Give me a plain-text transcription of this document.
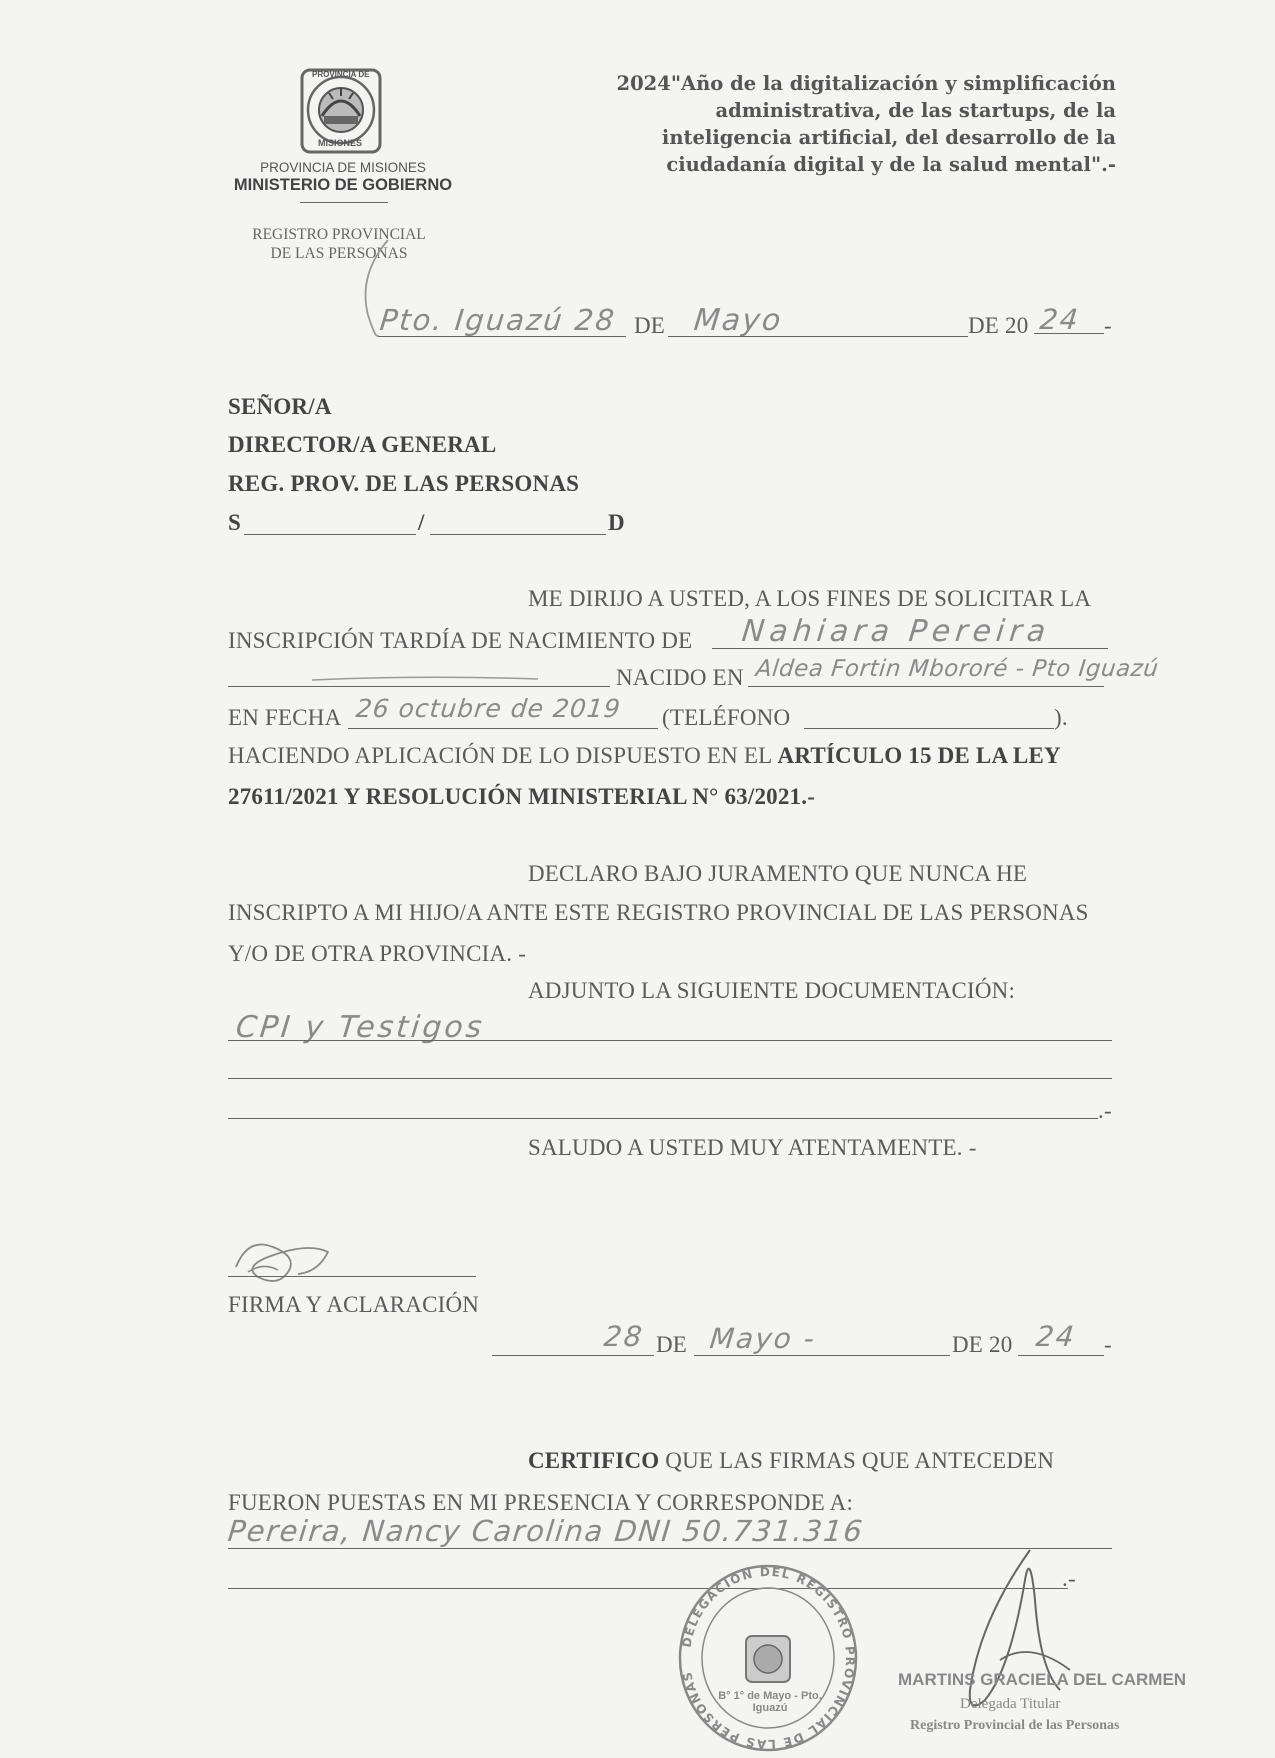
PROVINCIA DE
MISIONES
PROVINCIA DE MISIONES
MINISTERIO DE GOBIERNO
REGISTRO PROVINCIAL
DE LAS PERSONAS
2024"Año de la digitalización y simplificación
administrativa, de las startups, de la
inteligencia artificial, del desarrollo de la
ciudadanía digital y de la salud mental".-
Pto. Iguazú 28 DE Mayo	DE 20 24 -
SEÑOR/A
DIRECTOR/A GENERAL
REG. PROV. DE LAS PERSONAS
S	/	D
ME DIRIJO A USTED, A LOS FINES DE SOLICITAR LA
INSCRIPCIÓN TARDÍA DE NACIMIENTO DE Nahiara Pereira
NACIDO EN Aldea Fortin Mbororé - Pto Iguazú
EN FECHA 26 octubre de 2019 (TELÉFONO	).
HACIENDO APLICACIÓN DE LO DISPUESTO EN EL ARTÍCULO 15 DE LA LEY
27611/2021 Y RESOLUCIÓN MINISTERIAL N° 63/2021.-
DECLARO BAJO JURAMENTO QUE NUNCA HE
INSCRIPTO A MI HIJO/A ANTE ESTE REGISTRO PROVINCIAL DE LAS PERSONAS
Y/O DE OTRA PROVINCIA. -
ADJUNTO LA SIGUIENTE DOCUMENTACIÓN:
CPI y Testigos
.-
SALUDO A USTED MUY ATENTAMENTE. -
FIRMA Y ACLARACIÓN
28 DE Mayo -	DE 20 24 -
CERTIFICO QUE LAS FIRMAS QUE ANTECEDEN
FUERON PUESTAS EN MI PRESENCIA Y CORRESPONDE A:
Pereira, Nancy Carolina DNI 50.731.316
.-
DELEGACION DEL REGISTRO PROVINCIAL DE LAS PERSONAS
B° 1° de Mayo - Pto. Iguazú
MARTINS GRACIELA DEL CARMEN
Delegada Titular
Registro Provincial de las Personas
